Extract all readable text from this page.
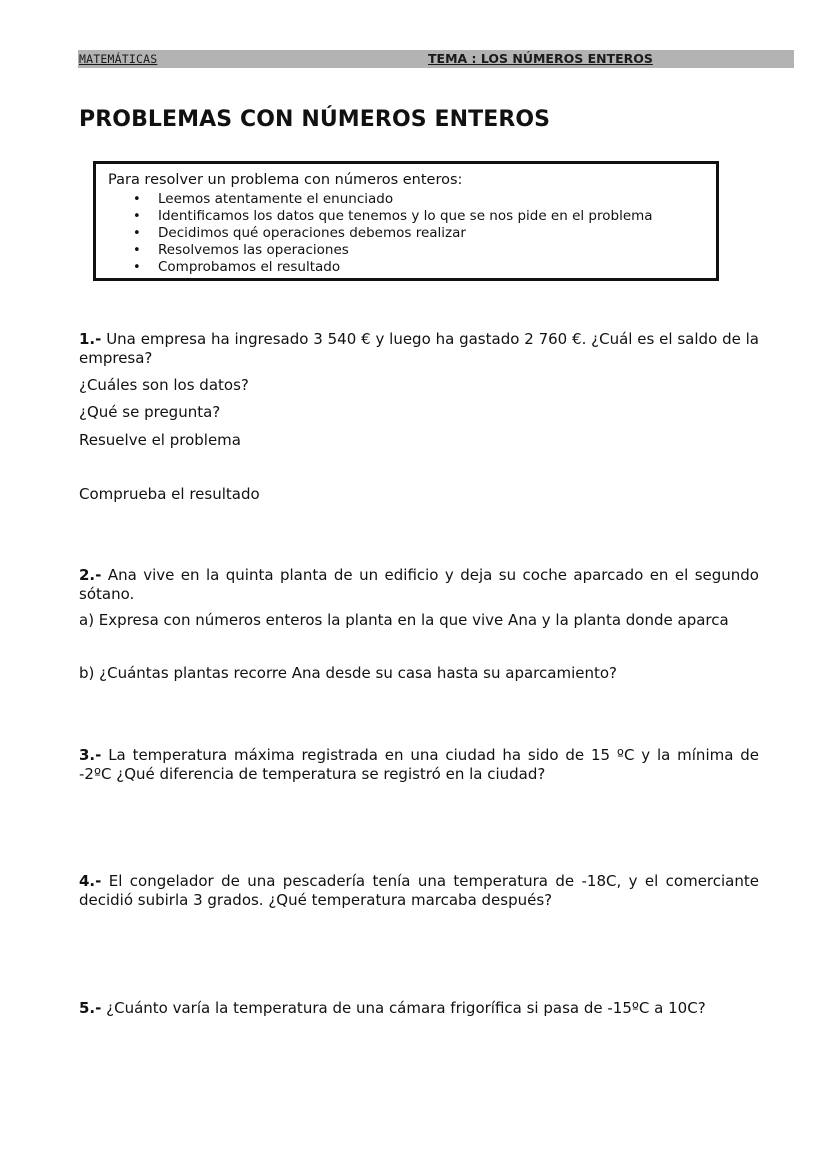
MATEMÁTICAS	TEMA : LOS NÚMEROS ENTEROS
PROBLEMAS CON NÚMEROS ENTEROS
Para resolver un problema con números enteros:
• Leemos atentamente el enunciado
• Identificamos los datos que tenemos y lo que se nos pide en el problema
• Decidimos qué operaciones debemos realizar
• Resolvemos las operaciones
• Comprobamos el resultado
1.- Una empresa ha ingresado 3 540 € y luego ha gastado 2 760 €. ¿Cuál es el saldo de la empresa?
¿Cuáles son los datos?
¿Qué se pregunta?
Resuelve el problema
Comprueba el resultado
2.- Ana vive en la quinta planta de un edificio y deja su coche aparcado en el segundo sótano.
a) Expresa con números enteros la planta en la que vive Ana y la planta donde aparca
b) ¿Cuántas plantas recorre Ana desde su casa hasta su aparcamiento?
3.- La temperatura máxima registrada en una ciudad ha sido de 15 ºC y la mínima de -2ºC ¿Qué diferencia de temperatura se registró en la ciudad?
4.- El congelador de una pescadería tenía una temperatura de -18C, y el comerciante decidió subirla 3 grados. ¿Qué temperatura marcaba después?
5.- ¿Cuánto varía la temperatura de una cámara frigorífica si pasa de -15ºC a 10C?
